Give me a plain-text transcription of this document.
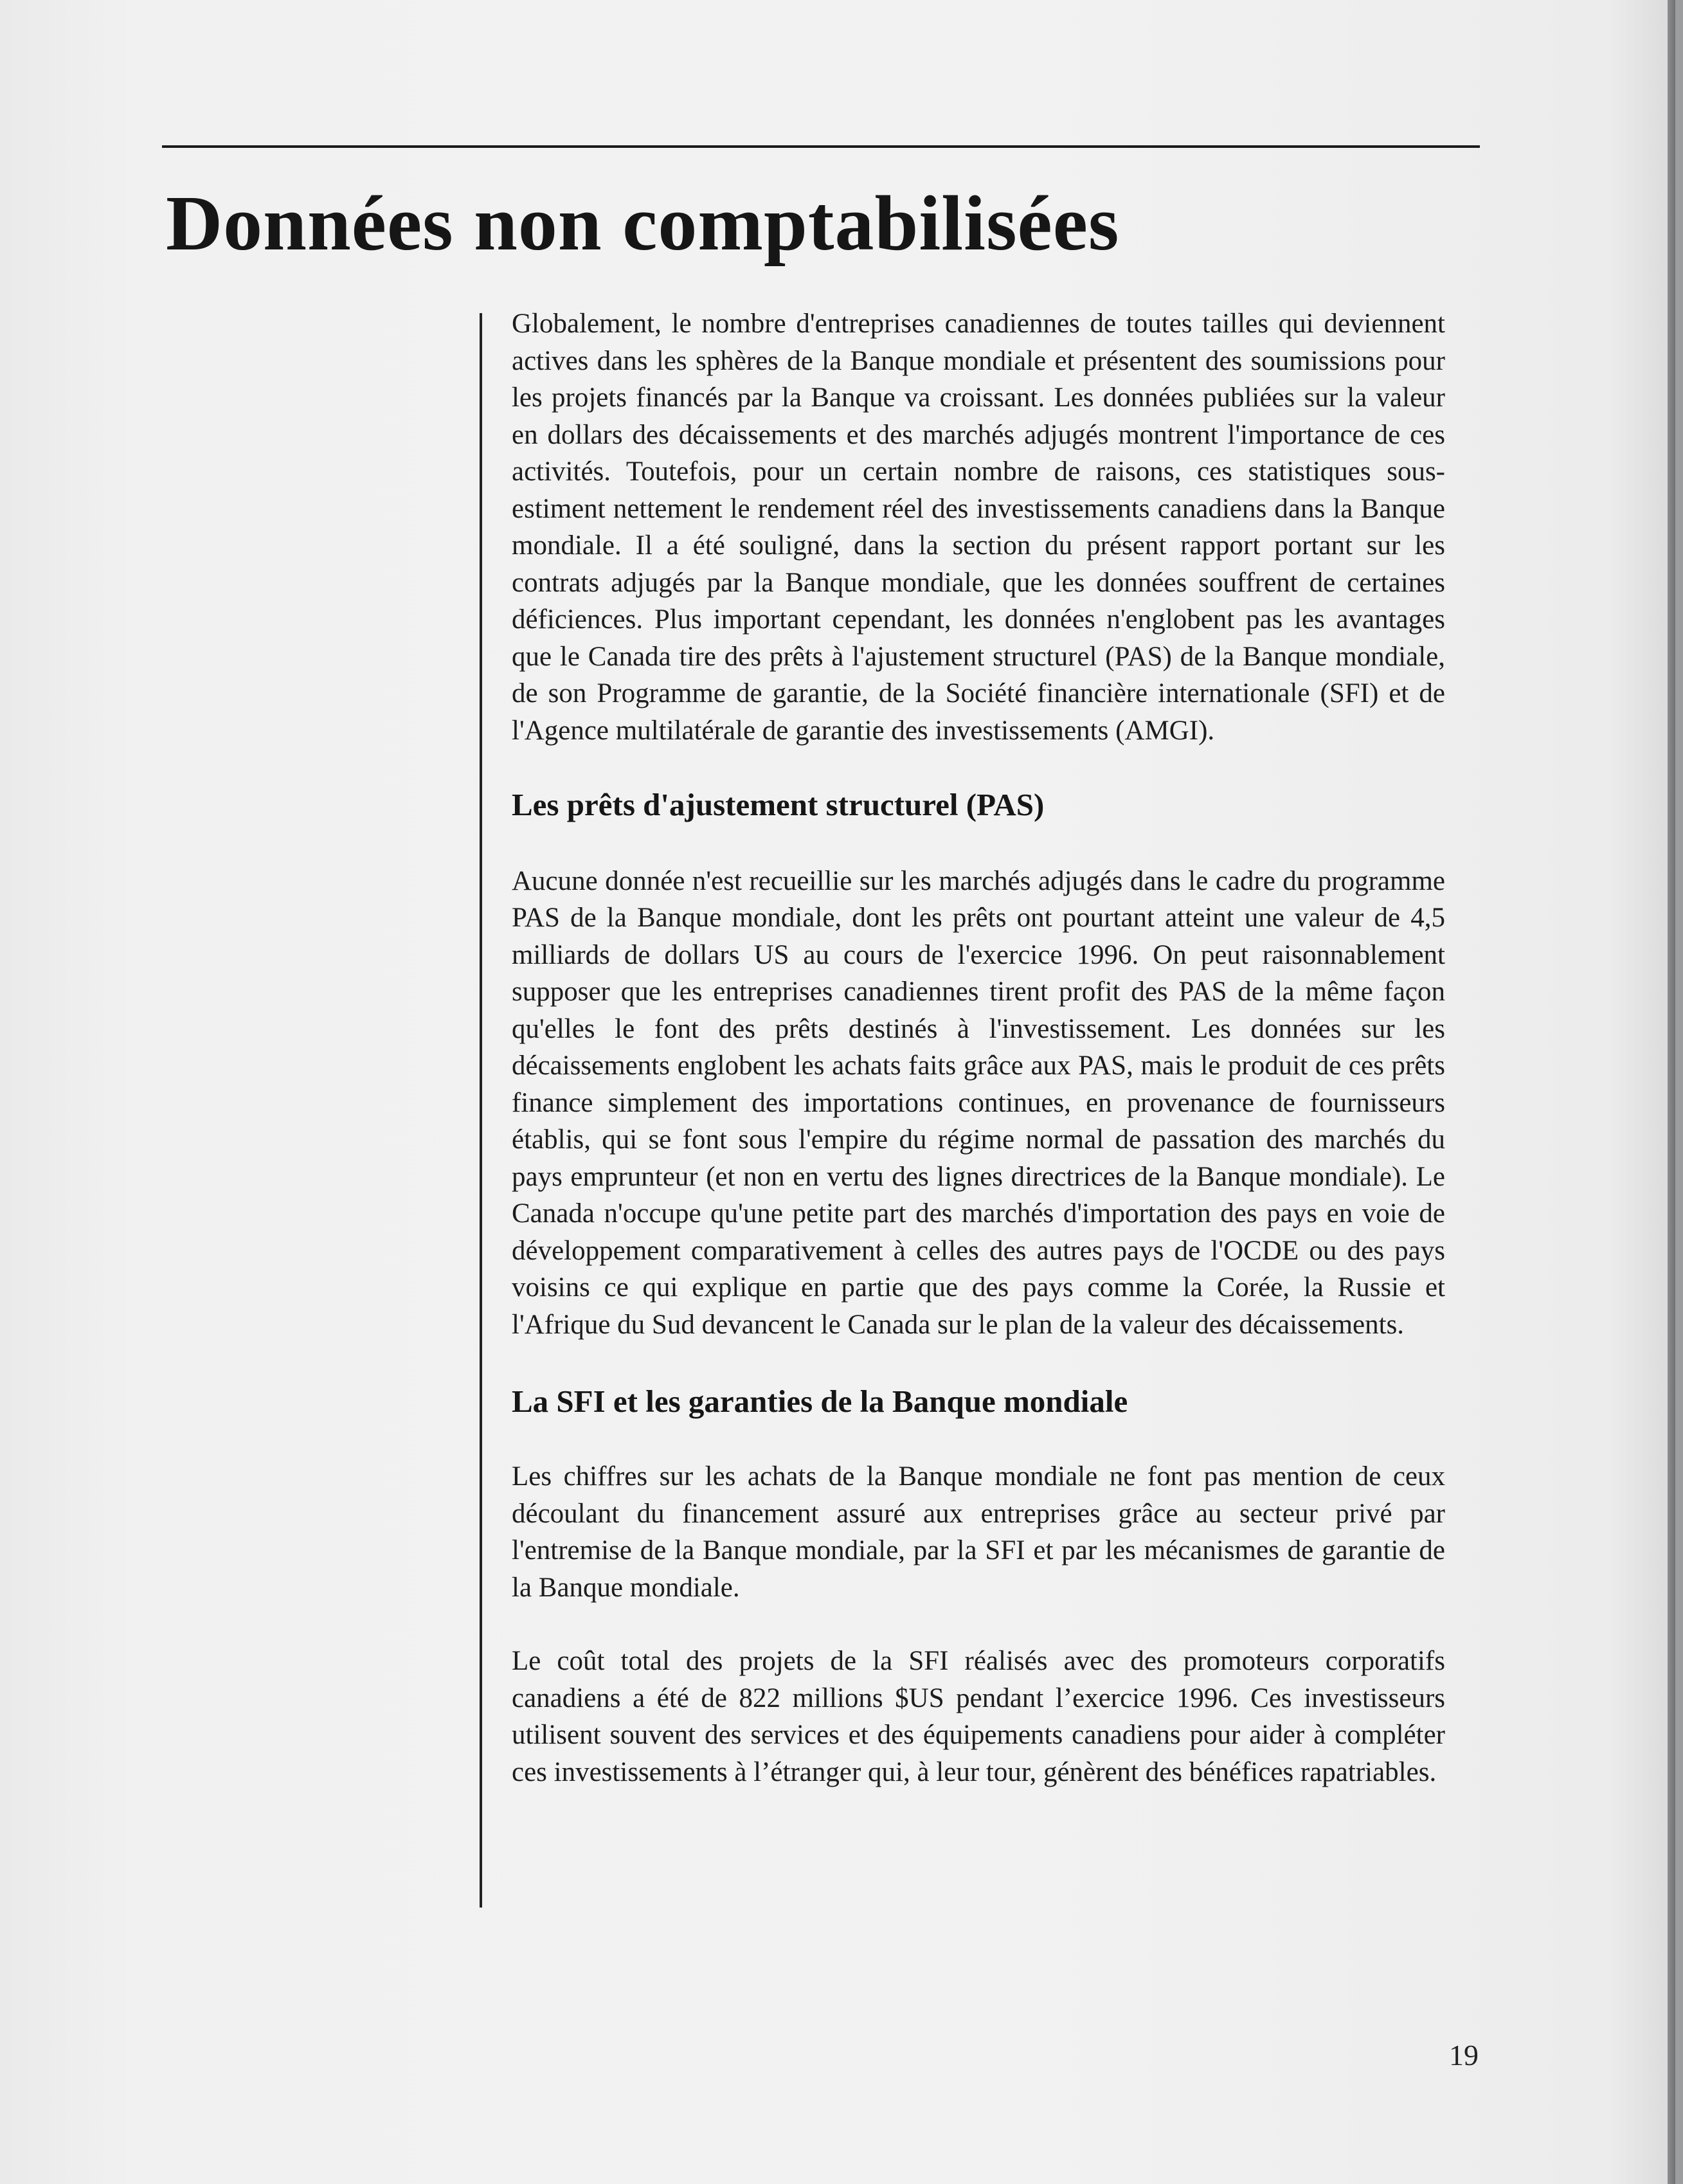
Données non comptabilisées

Globalement, le nombre d'entreprises canadiennes de toutes tailles qui deviennent actives dans les sphères de la Banque mondiale et présentent des soumissions pour les projets financés par la Banque va croissant. Les données publiées sur la valeur en dollars des décaissements et des marchés adjugés montrent l'importance de ces activités. Toutefois, pour un certain nombre de raisons, ces statistiques sous-estiment nettement le rendement réel des investissements canadiens dans la Banque mondiale. Il a été souligné, dans la section du présent rapport portant sur les contrats adjugés par la Banque mondiale, que les données souffrent de certaines déficiences. Plus important cependant, les données n'englobent pas les avantages que le Canada tire des prêts à l'ajustement structurel (PAS) de la Banque mondiale, de son Programme de garantie, de la Société financière internationale (SFI) et de l'Agence multilatérale de garantie des investissements (AMGI).

Les prêts d'ajustement structurel (PAS)

Aucune donnée n'est recueillie sur les marchés adjugés dans le cadre du programme PAS de la Banque mondiale, dont les prêts ont pourtant atteint une valeur de 4,5 milliards de dollars US au cours de l'exercice 1996. On peut raisonnablement supposer que les entreprises canadiennes tirent profit des PAS de la même façon qu'elles le font des prêts destinés à l'investissement. Les données sur les décaissements englobent les achats faits grâce aux PAS, mais le produit de ces prêts finance simplement des importations continues, en provenance de fournisseurs établis, qui se font sous l'empire du régime normal de passation des marchés du pays emprunteur (et non en vertu des lignes directrices de la Banque mondiale). Le Canada n'occupe qu'une petite part des marchés d'importation des pays en voie de développement comparativement à celles des autres pays de l'OCDE ou des pays voisins ce qui explique en partie que des pays comme la Corée, la Russie et l'Afrique du Sud devancent le Canada sur le plan de la valeur des décaissements.

La SFI et les garanties de la Banque mondiale

Les chiffres sur les achats de la Banque mondiale ne font pas mention de ceux découlant du financement assuré aux entreprises grâce au secteur privé par l'entremise de la Banque mondiale, par la SFI et par les mécanismes de garantie de la Banque mondiale.

Le coût total des projets de la SFI réalisés avec des promoteurs corporatifs canadiens a été de 822 millions $US pendant l’exercice 1996. Ces investisseurs utilisent souvent des services et des équipements canadiens pour aider à compléter ces investissements à l’étranger qui, à leur tour, génèrent des bénéfices rapatriables.

19
